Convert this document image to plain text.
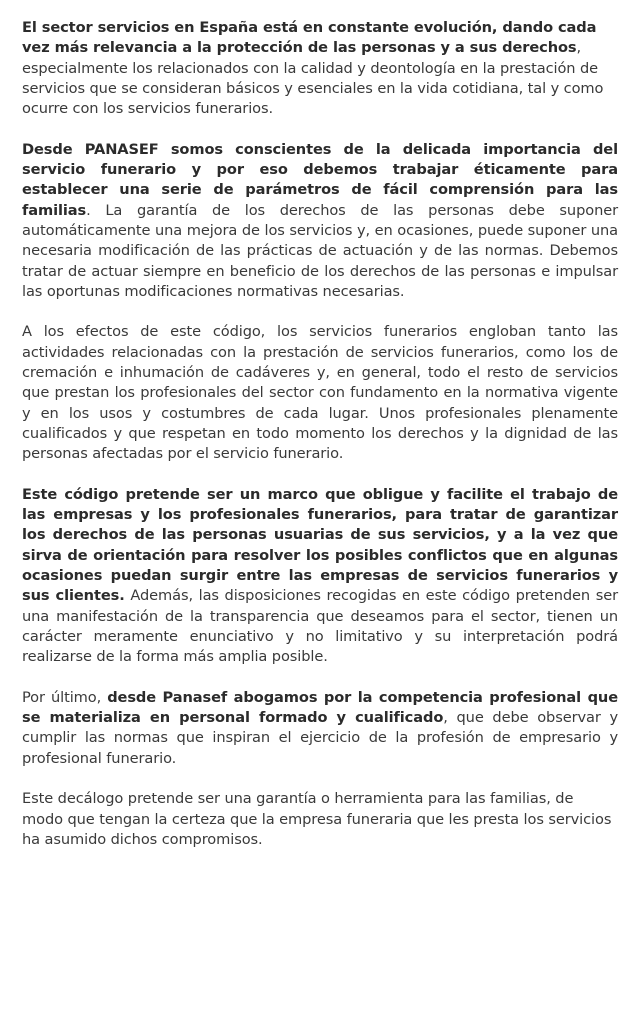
El sector servicios en España está en constante evolución, dando cada vez más relevancia a la protección de las personas y a sus derechos, especialmente los relacionados con la calidad y deontología en la prestación de servicios que se consideran básicos y esenciales en la vida cotidiana, tal y como ocurre con los servicios funerarios.

Desde PANASEF somos conscientes de la delicada importancia del servicio funerario y por eso debemos trabajar éticamente para establecer una serie de parámetros de fácil comprensión para las familias. La garantía de los derechos de las personas debe suponer automáticamente una mejora de los servicios y, en ocasiones, puede suponer una necesaria modificación de las prácticas de actuación y de las normas. Debemos tratar de actuar siempre en beneficio de los derechos de las personas e impulsar las oportunas modificaciones normativas necesarias.

A los efectos de este código, los servicios funerarios engloban tanto las actividades relacionadas con la prestación de servicios funerarios, como los de cremación e inhumación de cadáveres y, en general, todo el resto de servicios que prestan los profesionales del sector con fundamento en la normativa vigente y en los usos y costumbres de cada lugar. Unos profesionales plenamente cualificados y que respetan en todo momento los derechos y la dignidad de las personas afectadas por el servicio funerario.

Este código pretende ser un marco que obligue y facilite el trabajo de las empresas y los profesionales funerarios, para tratar de garantizar los derechos de las personas usuarias de sus servicios, y a la vez que sirva de orientación para resolver los posibles conflictos que en algunas ocasiones puedan surgir entre las empresas de servicios funerarios y sus clientes. Además, las disposiciones recogidas en este código pretenden ser una manifestación de la transparencia que deseamos para el sector, tienen un carácter meramente enunciativo y no limitativo y su interpretación podrá realizarse de la forma más amplia posible.

Por último, desde Panasef abogamos por la competencia profesional que se materializa en personal formado y cualificado, que debe observar y cumplir las normas que inspiran el ejercicio de la profesión de empresario y profesional funerario.

Este decálogo pretende ser una garantía o herramienta para las familias, de modo que tengan la certeza que la empresa funeraria que les presta los servicios ha asumido dichos compromisos.
